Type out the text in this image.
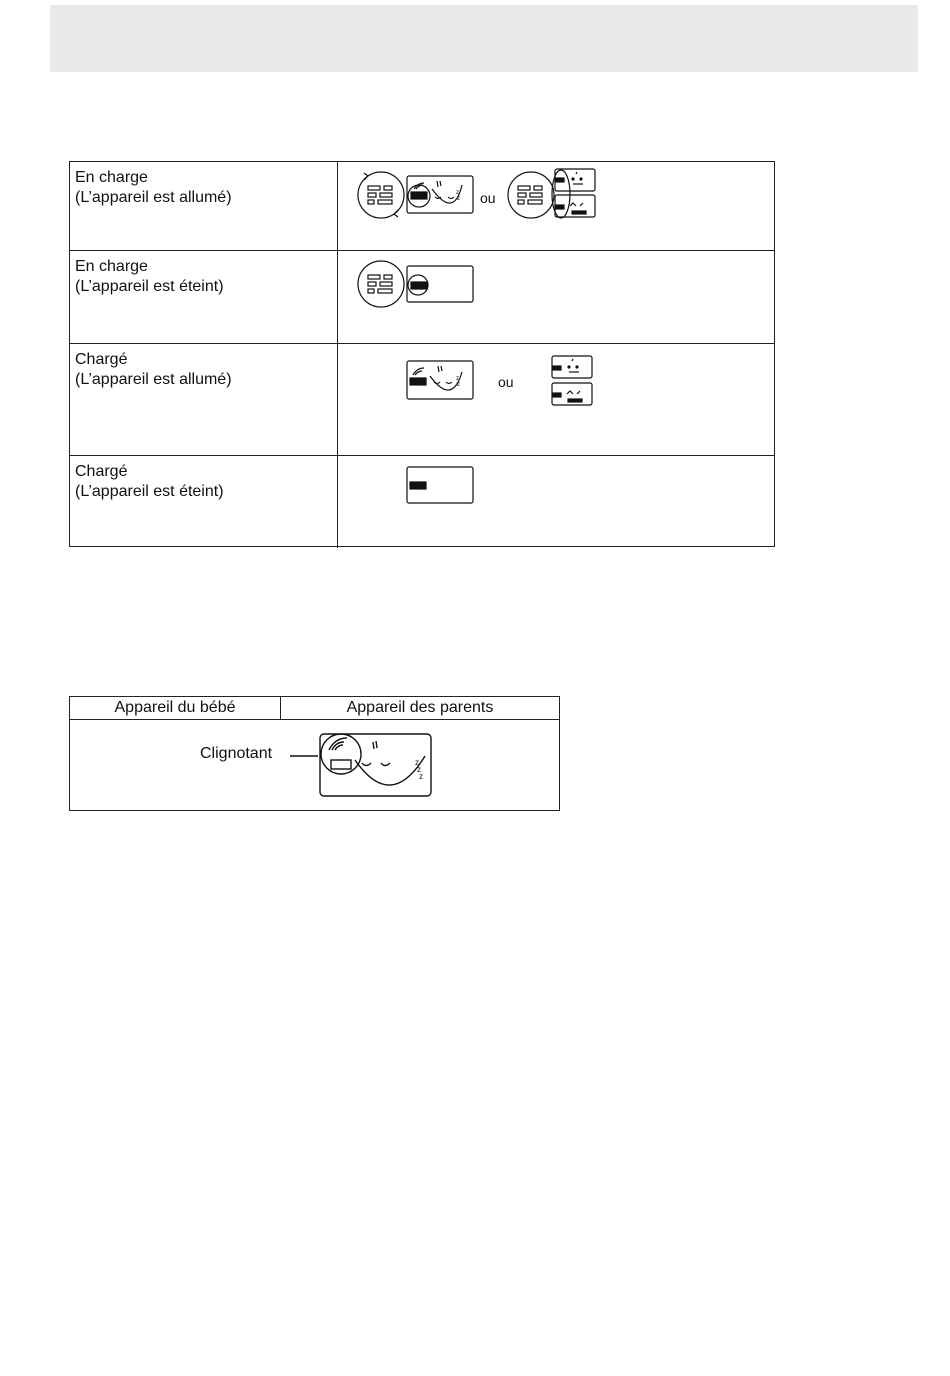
En charge
(L’appareil est allumé)	z
z ou
En charge
(L’appareil est éteint)
Chargé
(L’appareil est allumé)	z
z	ou
Chargé
(L’appareil est éteint)
Appareil du bébé	Appareil des parents
Clignotant
z
z
z
